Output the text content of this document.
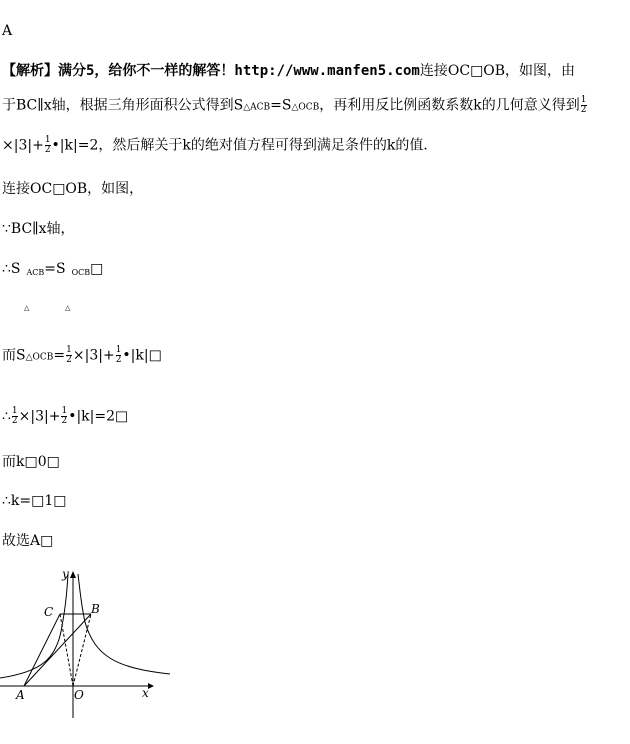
A
【解析】满分5，给你不一样的解答！http://www.manfen5.com连接OC□OB，如图，由
于BC∥x轴，根据三角形面积公式得到S△ACB=S△OCB，再利用反比例函数系数k的几何意义得到 $\frac{1}{2}$
$\times|3|+ \frac{1}{2}$ •|k|=2，然后解关于k的绝对值方程可得到满足条件的k的值．
连接OC□OB，如图，
∵BC∥x轴，
∴S $_{ACB}$=S $_{OCB}$□
△	△
而S△OCB= $\frac{1}{2} \times|3|+ \frac{1}{2}$ •|k|□
∴ $\frac{1}{2} \times|3|+ \frac{1}{2}$ •|k|=2□
而k□0□
∴k=□1□
故选A□
y
x
C	B
A	O
